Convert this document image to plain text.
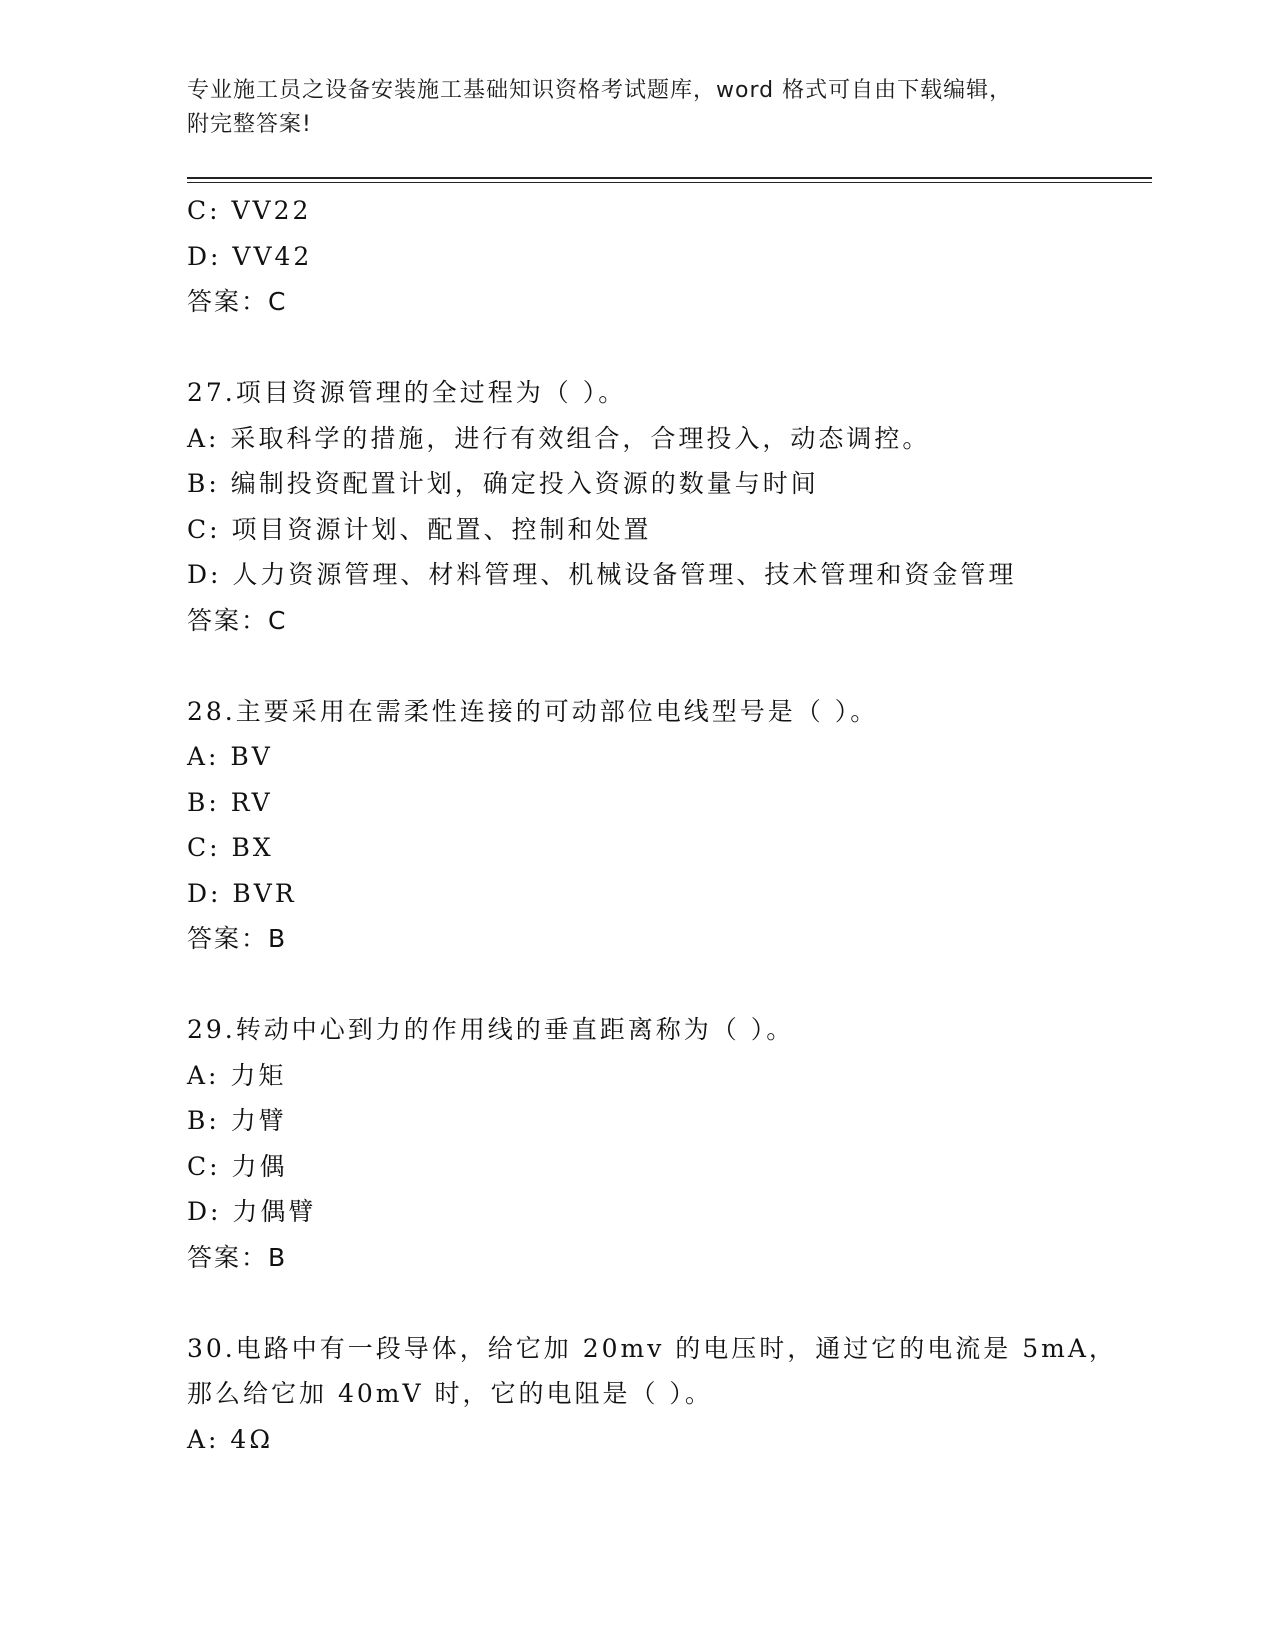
专业施工员之设备安装施工基础知识资格考试题库，word 格式可自由下载编辑，
附完整答案!
C: VV22
D: VV42
答案：C
27.项目资源管理的全过程为（ ）。
A: 采取科学的措施，进行有效组合，合理投入，动态调控。
B: 编制投资配置计划，确定投入资源的数量与时间
C: 项目资源计划、配置、控制和处置
D: 人力资源管理、材料管理、机械设备管理、技术管理和资金管理
答案：C
28.主要采用在需柔性连接的可动部位电线型号是（ ）。
A: BV
B: RV
C: BX
D: BVR
答案：B
29.转动中心到力的作用线的垂直距离称为（ ）。
A: 力矩
B: 力臂
C: 力偶
D: 力偶臂
答案：B
30.电路中有一段导体，给它加 20mv 的电压时，通过它的电流是 5mA，
那么给它加 40mV 时，它的电阻是（ ）。
A: 4Ω
